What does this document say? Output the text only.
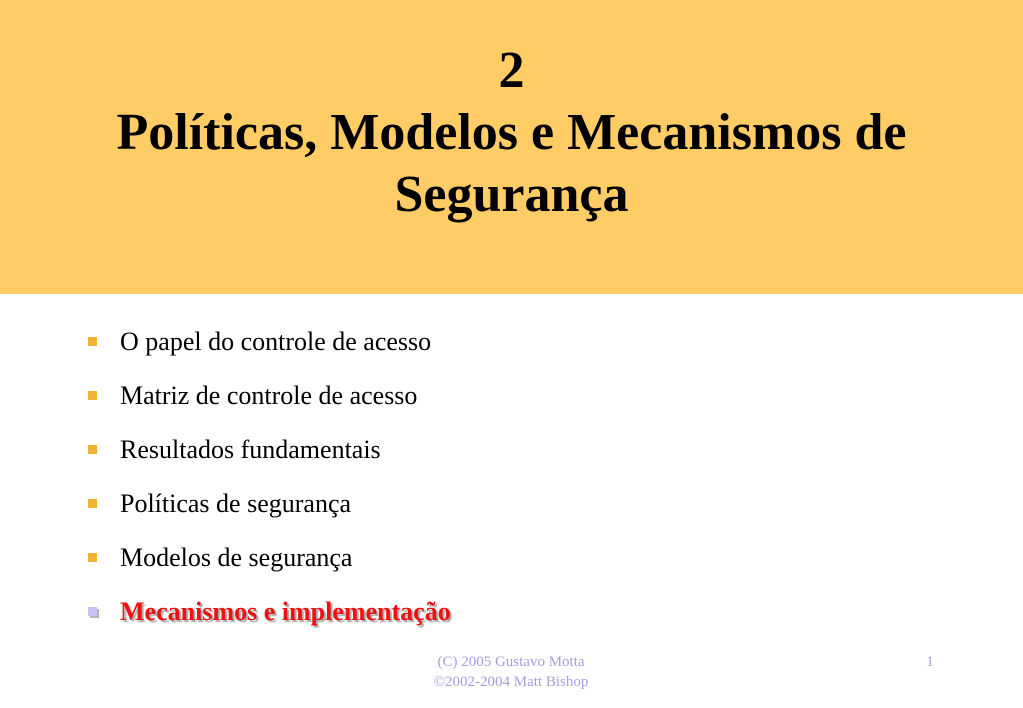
2
Políticas, Modelos e Mecanismos de
Segurança
O papel do controle de acesso
Matriz de controle de acesso
Resultados fundamentais
Políticas de segurança
Modelos de segurança
Mecanismos e implementação
(C) 2005 Gustavo Motta
©2002-2004 Matt Bishop
1
